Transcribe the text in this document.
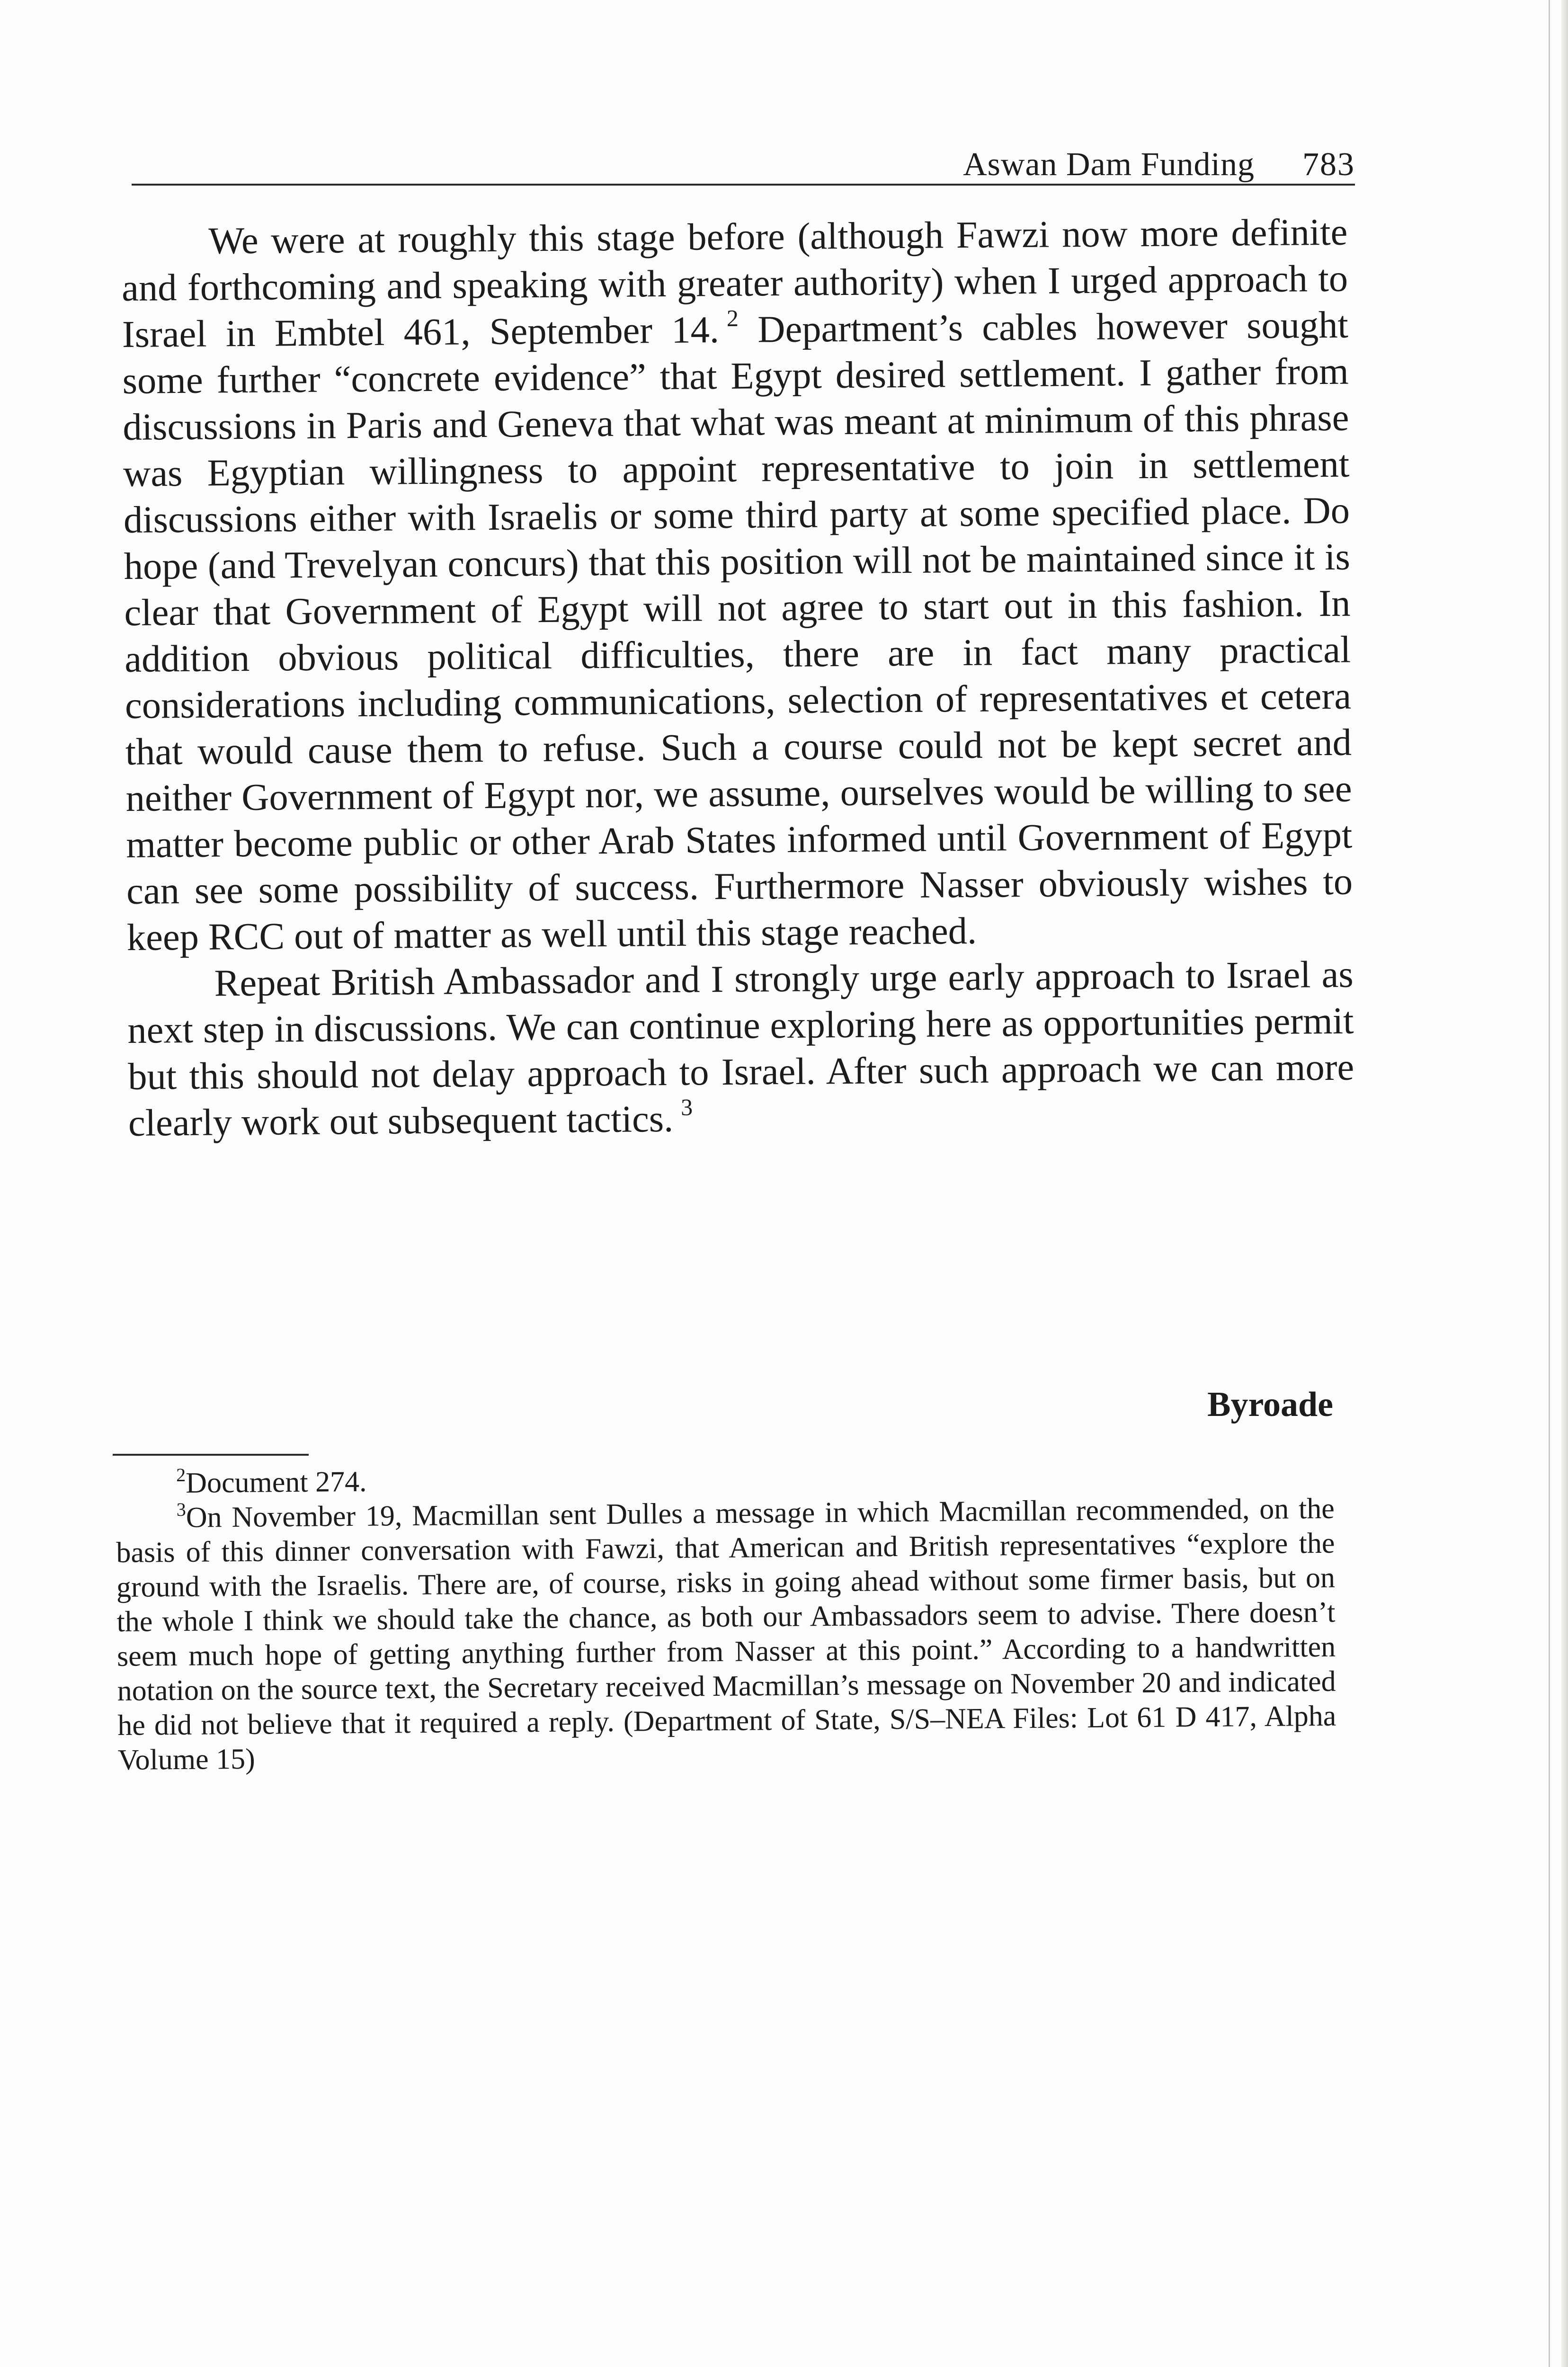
Aswan Dam Funding	783

We were at roughly this stage before (although Fawzi now more definite and forthcoming and speaking with greater authority) when I urged approach to Israel in Embtel 461, September 14.  $^2$ Department’s cables however sought some further “concrete evidence” that Egypt desired settlement. I gather from discussions in Paris and Geneva that what was meant at minimum of this phrase was Egyptian willingness to appoint representative to join in settlement discussions either with Israelis or some third party at some specified place. Do hope (and Trevelyan concurs) that this position will not be maintained since it is clear that Government of Egypt will not agree to start out in this fashion. In addition obvious political difficulties, there are in fact many practical considerations including communications, selection of representatives et cetera that would cause them to refuse. Such a course could not be kept secret and neither Government of Egypt nor, we assume, ourselves would be willing to see matter become public or other Arab States informed until Government of Egypt can see some possibility of success. Furthermore Nasser obviously wishes to keep RCC out of matter as well until this stage reached.

Repeat British Ambassador and I strongly urge early approach to Israel as next step in discussions. We can continue exploring here as opportunities permit but this should not delay approach to Israel. After such approach we can more clearly work out subsequent tactics.  $^3$

Byroade

$^2$Document 274.

$^3$On November 19, Macmillan sent Dulles a message in which Macmillan recommended, on the basis of this dinner conversation with Fawzi, that American and British representatives “explore the ground with the Israelis. There are, of course, risks in going ahead without some firmer basis, but on the whole I think we should take the chance, as both our Ambassadors seem to advise. There doesn’t seem much hope of getting anything further from Nasser at this point.” According to a handwritten notation on the source text, the Secretary received Macmillan’s message on November 20 and indicated he did not believe that it required a reply. (Department of State, S/S–NEA Files: Lot 61 D 417, Alpha Volume 15)
